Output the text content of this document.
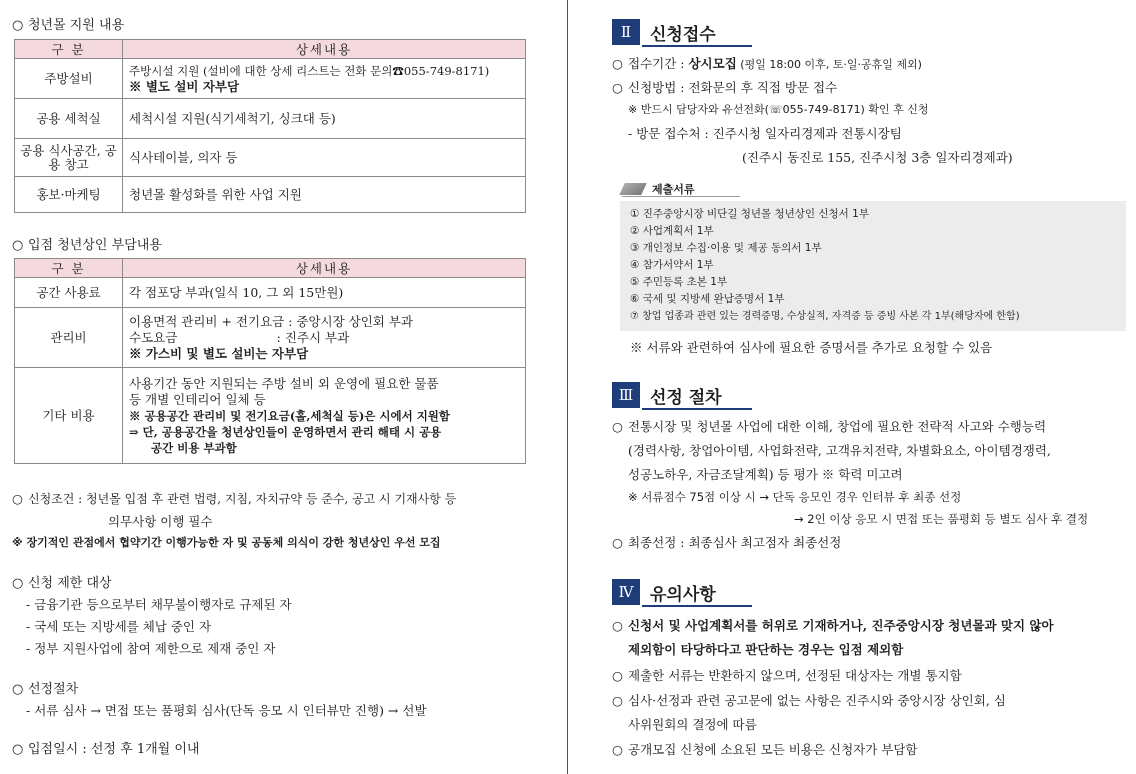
○ 청년몰 지원 내용
구 분	상세내용
주방설비	주방시설 지원 (설비에 대한 상세 리스트는 전화 문의☎055-749-8171)
※ 별도 설비 자부담

공용 세척실	세척시설 지원(식기세척기, 싱크대 등)
공용 식사공간, 공용 창고	식사테이블, 의자 등
홍보·마케팅	청년몰 활성화를 위한 사업 지원
○ 입점 청년상인 부담내용
구 분	상세내용
공간 사용료	각 점포당 부과(일식 10, 그 외 15만원)
관리비	이용면적 관리비 + 전기요금 : 중앙시장 상인회 부과
수도요금                         : 진주시 부과
※ 가스비 및 별도 설비는 자부담

기타 비용	사용기간 동안 지원되는 주방 설비 외 운영에 필요한 물품
등 개별 인테리어 일체 등
※ 공용공간 관리비 및 전기요금(홀,세척실 등)은 시에서 지원함
⇒ 단, 공용공간을 청년상인들이 운영하면서 관리 해태 시 공용
공간 비용 부과함
○ 신청조건 : 청년몰 입점 후 관련 법령, 지침, 자치규약 등 준수, 공고 시 기재사항 등
의무사항 이행 필수
※ 장기적인 관점에서 협약기간 이행가능한 자 및 공동체 의식이 강한 청년상인 우선 모집
○ 신청 제한 대상
- 금융기관 등으로부터 채무불이행자로 규제된 자
- 국세 또는 지방세를 체납 중인 자
- 정부 지원사업에 참여 제한으로 제재 중인 자
○ 선정절차
- 서류 심사 → 면접 또는 품평회 심사(단독 응모 시 인터뷰만 진행) → 선발
○ 입점일시 : 선정 후 1개월 이내
Ⅱ	신청접수
○ 접수기간 : 상시모집 (평일 18:00 이후, 토·일·공휴일 제외)
○ 신청방법 : 전화문의 후 직접 방문 접수
※ 반드시 담당자와 유선전화(☏055-749-8171) 확인 후 신청
- 방문 접수처 : 진주시청 일자리경제과 전통시장팀
(진주시 동진로 155, 진주시청 3층 일자리경제과)
제출서류
① 진주중앙시장 비단길 청년몰 청년상인 신청서 1부
② 사업계획서 1부
③ 개인정보 수집·이용 및 제공 동의서 1부
④ 참가서약서 1부
⑤ 주민등록 초본 1부
⑥ 국세 및 지방세 완납증명서 1부
⑦ 창업 업종과 관련 있는 경력증명, 수상실적, 자격증 등 증빙 사본 각 1부(해당자에 한함)
※ 서류와 관련하여 심사에 필요한 증명서를 추가로 요청할 수 있음
Ⅲ 선정 절차
○ 전통시장 및 청년몰 사업에 대한 이해, 창업에 필요한 전략적 사고와 수행능력
(경력사항, 창업아이템, 사업화전략, 고객유치전략, 차별화요소, 아이템경쟁력,
성공노하우, 자금조달계획) 등 평가 ※ 학력 미고려
※ 서류점수 75점 이상 시 → 단독 응모인 경우 인터뷰 후 최종 선정
→ 2인 이상 응모 시 면접 또는 품평회 등 별도 심사 후 결정
○ 최종선정 : 최종심사 최고점자 최종선정
Ⅳ 유의사항
○ 신청서 및 사업계획서를 허위로 기재하거나, 진주중앙시장 청년몰과 맞지 않아
제외함이 타당하다고 판단하는 경우는 입점 제외함
○ 제출한 서류는 반환하지 않으며, 선정된 대상자는 개별 통지함
○ 심사·선정과 관련 공고문에 없는 사항은 진주시와 중앙시장 상인회, 심
사위원회의 결정에 따름
○ 공개모집 신청에 소요된 모든 비용은 신청자가 부담함
